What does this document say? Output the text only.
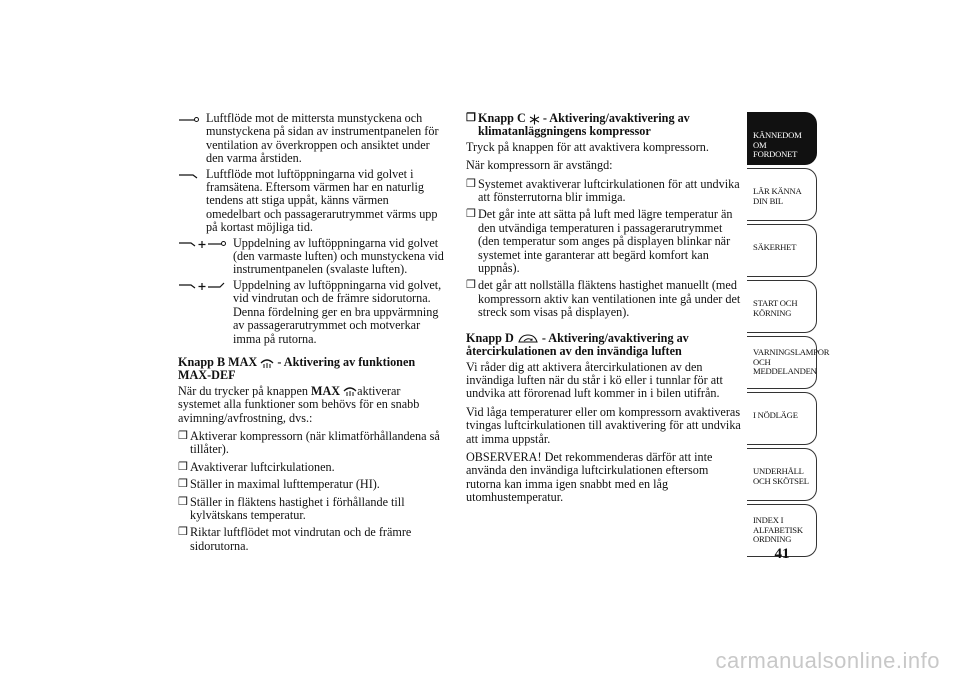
Luftflöde mot de mittersta munstyckena och munstyckena på sidan av instrumentpanelen för ventilation av överkroppen och ansiktet under den varma årstiden.
Luftflöde mot luftöppningarna vid golvet i framsätena. Eftersom värmen har en naturlig tendens att stiga uppåt, känns värmen omedelbart och passagerarutrymmet värms upp på kortast möjliga tid.
Uppdelning av luftöppningarna vid golvet (den varmaste luften) och munstyckena vid instrumentpanelen (svalaste luften).
Uppdelning av luftöppningarna vid golvet, vid vindrutan och de främre sidorutorna. Denna fördelning ger en bra uppvärmning av passagerarutrymmet och motverkar imma på rutorna.
Knapp B MAX - Aktivering av funktionen MAX-DEF

När du trycker på knappen MAX aktiverar systemet alla funktioner som behövs för en snabb avimning/avfrostning, dvs.:

❒ Aktiverar kompressorn (när klimatförhållandena så tillåter).
❒ Avaktiverar luftcirkulationen.
❒ Ställer in maximal lufttemperatur (HI).
❒ Ställer in fläktens hastighet i förhållande till kylvätskans temperatur.
❒ Riktar luftflödet mot vindrutan och de främre sidorutorna.
❒ Knapp C - Aktivering/avaktivering av klimatanläggningens kompressor

Tryck på knappen för att avaktivera kompressorn.

När kompressorn är avstängd:

❒ Systemet avaktiverar luftcirkulationen för att undvika att fönsterrutorna blir immiga.
❒ Det går inte att sätta på luft med lägre temperatur än den utvändiga temperaturen i passagerarutrymmet (den temperatur som anges på displayen blinkar när systemet inte garanterar att begärd komfort kan uppnås).
❒ det går att nollställa fläktens hastighet manuellt (med kompressorn aktiv kan ventilationen inte gå under det streck som visas på displayen).
Knapp D - Aktivering/avaktivering av återcirkulationen av den invändiga luften

Vi råder dig att aktivera återcirkulationen av den invändiga luften när du står i kö eller i tunnlar för att undvika att förorenad luft kommer in i bilen utifrån.

Vid låga temperaturer eller om kompressorn avaktiveras tvingas luftcirkulationen till avaktivering för att undvika att imma uppstår.

OBSERVERA! Det rekommenderas därför att inte använda den invändiga luftcirkulationen eftersom rutorna kan imma igen snabbt med en låg utomhustemperatur.

KÄNNEDOM OM FORDONET
LÄR KÄNNA DIN BIL
SÄKERHET
START OCH KÖRNING
VARNINGSLAMPOR OCH MEDDELANDEN
I NÖDLÄGE
UNDERHÅLL OCH SKÖTSEL
INDEX I ALFABETISK ORDNING
41
carmanualsonline.info
